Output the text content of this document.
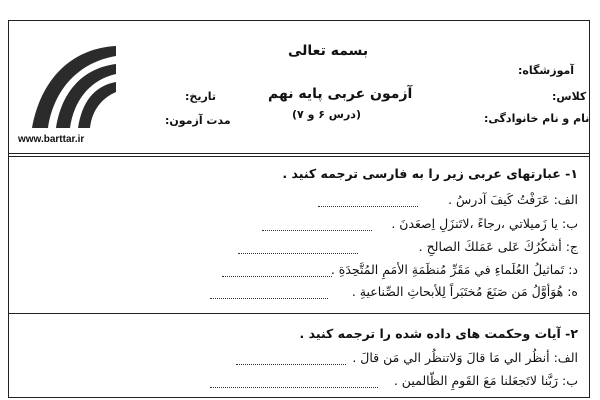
www.barttar.ir
بسمه تعالی
آزمون عربی پایه نهم
(درس ۶ و ۷)
آموزشگاه:
کلاس:
نام و نام خانوادگی:
تاریخ:
مدت آزمون:
۱- عبارتهای عربی زیر را به فارسی ترجمه کنید .
الف: عَرَفْتُ كَيفَ آدرسُ .
ب: يا زَميلاتي ،رجاءً ،لاتَنزَلِ اِصعَدنَ .
ج: أشكُرُكَ عَلى عَمَلكَ الصالحِ .
د: تَماثيلُ العُلَماءِ في مَقَرِّ مُنظَمَةِ الأمَمِ المُتَّحِدَةِ .
ه: هُوَأوَّلُ مَن صَنَعَ مُختَبَراً لِلأبحاثِ الصِّناعيةِ .
۲- آیات وحکمت های داده شده را ترجمه کنید .
الف: أنظُر الي مَا قالَ وَلاتنظُر الي مَن قالَ .
ب: رَبَّنا لاتَجعَلنا مَعَ القَومِ الظّالمين .
